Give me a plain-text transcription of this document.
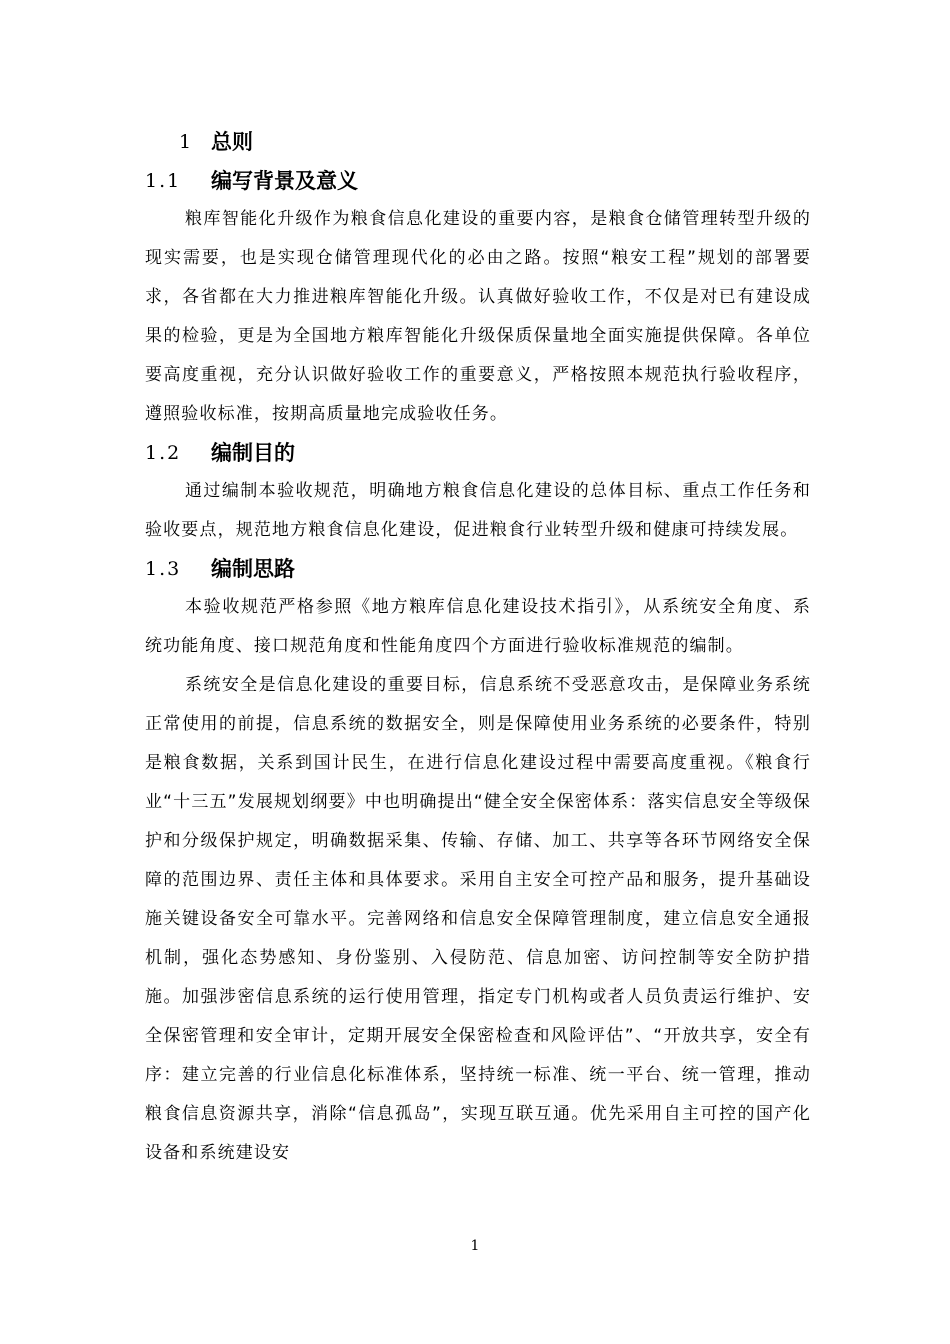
1 总则
1.1	编写背景及意义

粮库智能化升级作为粮食信息化建设的重要内容，是粮食仓储管理转型升级的现实需要，也是实现仓储管理现代化的必由之路。按照“粮安工程”规划的部署要求，各省都在大力推进粮库智能化升级。认真做好验收工作，不仅是对已有建设成果的检验，更是为全国地方粮库智能化升级保质保量地全面实施提供保障。各单位要高度重视，充分认识做好验收工作的重要意义，严格按照本规范执行验收程序，遵照验收标准，按期高质量地完成验收任务。

1.2	编制目的

通过编制本验收规范，明确地方粮食信息化建设的总体目标、重点工作任务和验收要点，规范地方粮食信息化建设，促进粮食行业转型升级和健康可持续发展。

1.3	编制思路

本验收规范严格参照《地方粮库信息化建设技术指引》，从系统安全角度、系统功能角度、接口规范角度和性能角度四个方面进行验收标准规范的编制。

系统安全是信息化建设的重要目标，信息系统不受恶意攻击，是保障业务系统正常使用的前提，信息系统的数据安全，则是保障使用业务系统的必要条件，特别是粮食数据，关系到国计民生，在进行信息化建设过程中需要高度重视。《粮食行业“十三五”发展规划纲要》中也明确提出“健全安全保密体系：落实信息安全等级保护和分级保护规定，明确数据采集、传输、存储、加工、共享等各环节网络安全保障的范围边界、责任主体和具体要求。采用自主安全可控产品和服务，提升基础设施关键设备安全可靠水平。完善网络和信息安全保障管理制度，建立信息安全通报机制，强化态势感知、身份鉴别、入侵防范、信息加密、访问控制等安全防护措施。加强涉密信息系统的运行使用管理，指定专门机构或者人员负责运行维护、安全保密管理和安全审计，定期开展安全保密检查和风险评估”、“开放共享，安全有序：建立完善的行业信息化标准体系，坚持统一标准、统一平台、统一管理，推动粮食信息资源共享，消除“信息孤岛”，实现互联互通。优先采用自主可控的国产化设备和系统建设安

1
